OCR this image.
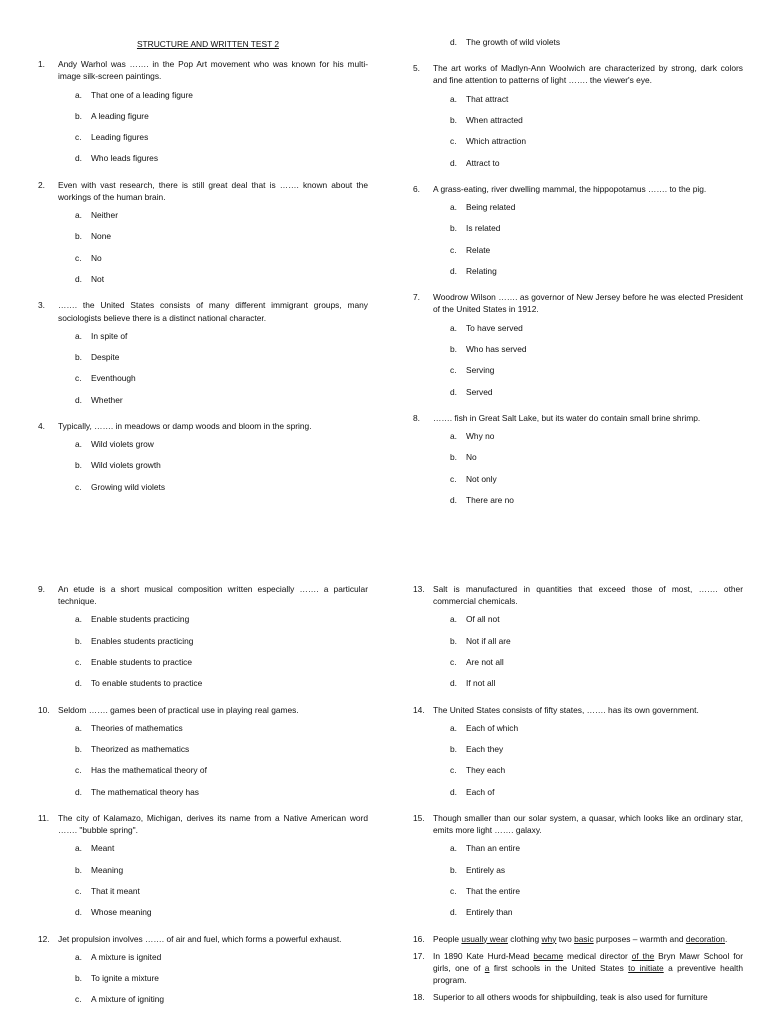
STRUCTURE AND WRITTEN TEST 2
1. Andy Warhol was ……. in the Pop Art movement who was known for his multi-image silk-screen paintings.
a. That one of a leading figure
b. A leading figure
c. Leading figures
d. Who leads figures
2. Even with vast research, there is still great deal that is ……. known about the workings of the human brain.
a. Neither
b. None
c. No
d. Not
3. ……. the United States consists of many different immigrant groups, many sociologists believe there is a distinct national character.
a. In spite of
b. Despite
c. Eventhough
d. Whether
4. Typically, ……. in meadows or damp woods and bloom in the spring.
a. Wild violets grow
b. Wild violets growth
c. Growing wild violets
d. The growth of wild violets
5. The art works of Madlyn-Ann Woolwich are characterized by strong, dark colors and fine attention to patterns of light ……. the viewer's eye.
a. That attract
b. When attracted
c. Which attraction
d. Attract to
6. A grass-eating, river dwelling mammal, the hippopotamus ……. to the pig.
a. Being related
b. Is related
c. Relate
d. Relating
7. Woodrow Wilson ……. as governor of New Jersey before he was elected President of the United States in 1912.
a. To have served
b. Who has served
c. Serving
d. Served
8. ……. fish in Great Salt Lake, but its water do contain small brine shrimp.
a. Why no
b. No
c. Not only
d. There are no
9. An etude is a short musical composition written especially ……. a particular technique.
a. Enable students practicing
b. Enables students practicing
c. Enable students to practice
d. To enable students to practice
10. Seldom ……. games been of practical use in playing real games.
a. Theories of mathematics
b. Theorized as mathematics
c. Has the mathematical theory of
d. The mathematical theory has
11. The city of Kalamazo, Michigan, derives its name from a Native American word ……. "bubble spring".
a. Meant
b. Meaning
c. That it meant
d. Whose meaning
12. Jet propulsion involves ……. of air and fuel, which forms a powerful exhaust.
a. A mixture is ignited
b. To ignite a mixture
c. A mixture of igniting
13. Salt is manufactured in quantities that exceed those of most, ……. other commercial chemicals.
a. Of all not
b. Not if all are
c. Are not all
d. If not all
14. The United States consists of fifty states, ……. has its own government.
a. Each of which
b. Each they
c. They each
d. Each of
15. Though smaller than our solar system, a quasar, which looks like an ordinary star, emits more light ……. galaxy.
a. Than an entire
b. Entirely as
c. That the entire
d. Entirely than
16. People usually wear clothing why two basic purposes – warmth and decoration.
17. In 1890 Kate Hurd-Mead became medical director of the Bryn Mawr School for girls, one of a first schools in the United States to initiate a preventive health program.
18. Superior to all others woods for shipbuilding, teak is also used for furniture
